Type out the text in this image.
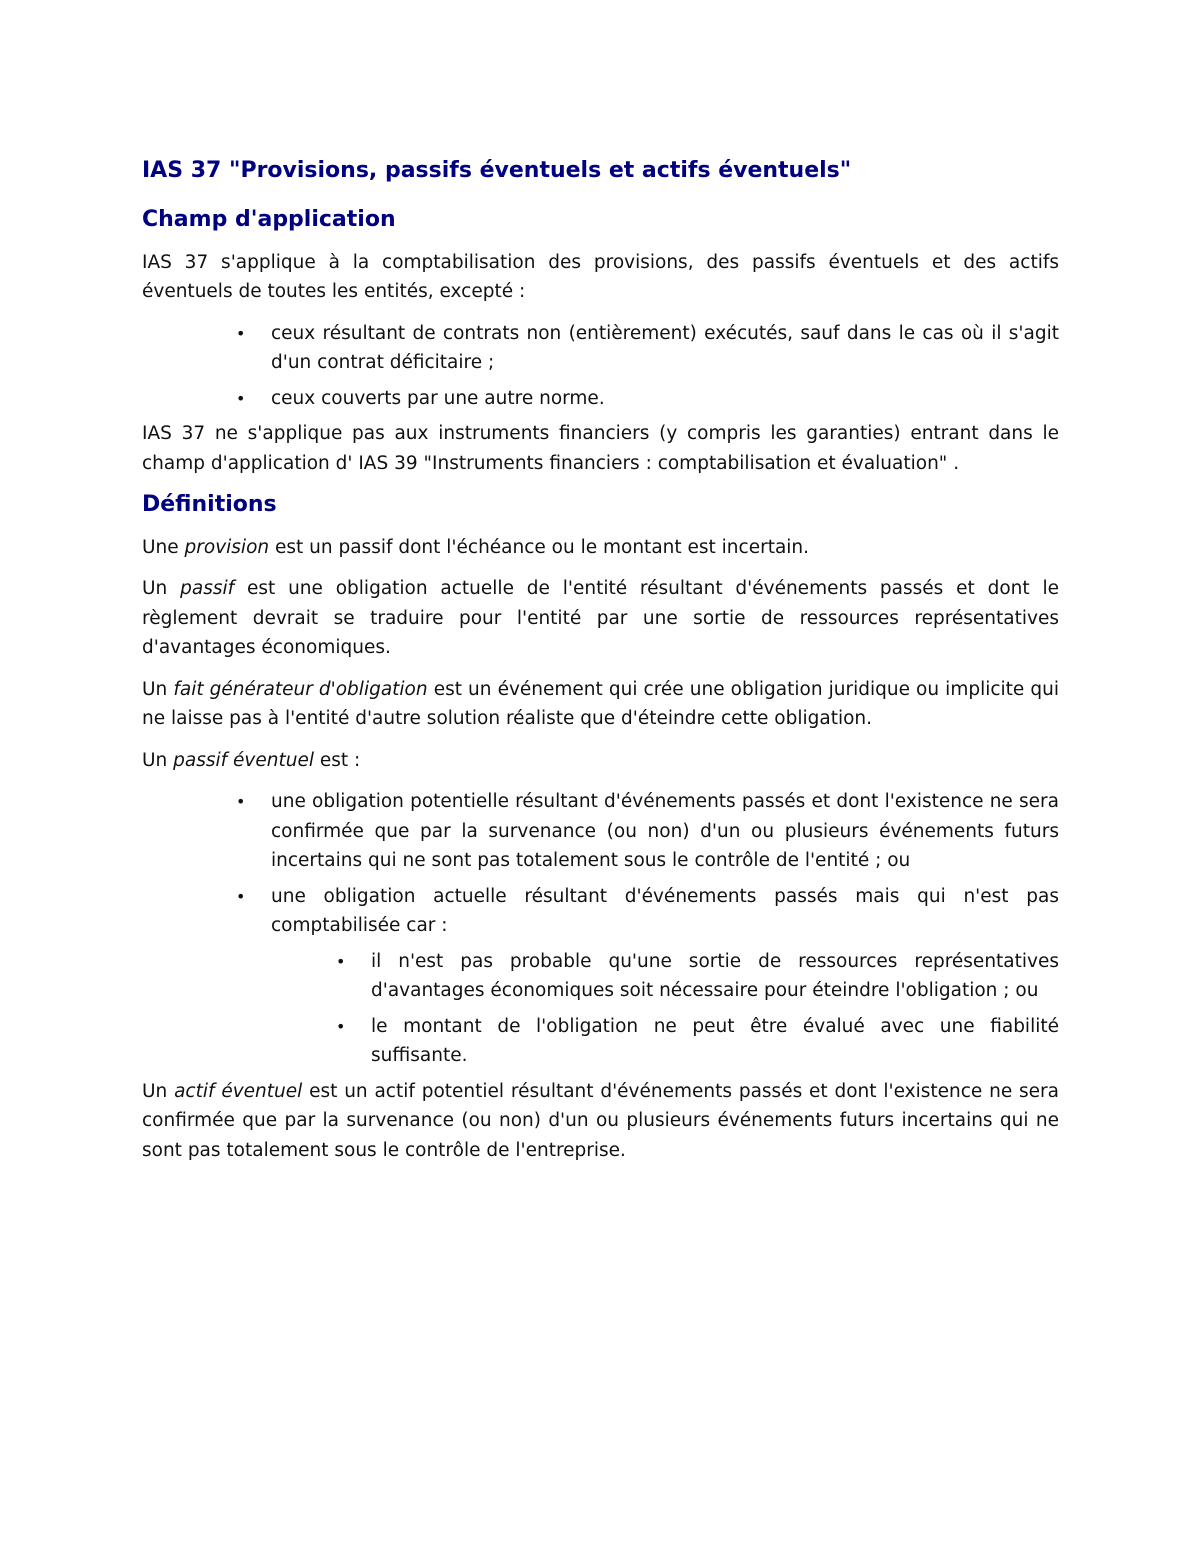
IAS 37 "Provisions, passifs éventuels et actifs éventuels"
Champ d'application

IAS 37 s'applique à la comptabilisation des provisions, des passifs éventuels et des actifs éventuels de toutes les entités, excepté :

• ceux résultant de contrats non (entièrement) exécutés, sauf dans le cas où il s'agit d'un contrat déficitaire ;
• ceux couverts par une autre norme.

IAS 37 ne s'applique pas aux instruments financiers (y compris les garanties) entrant dans le champ d'application d' IAS 39 "Instruments financiers : comptabilisation et évaluation" .

Définitions

Une provision est un passif dont l'échéance ou le montant est incertain.

Un passif est une obligation actuelle de l'entité résultant d'événements passés et dont le règlement devrait se traduire pour l'entité par une sortie de ressources représentatives d'avantages économiques.

Un fait générateur d'obligation est un événement qui crée une obligation juridique ou implicite qui ne laisse pas à l'entité d'autre solution réaliste que d'éteindre cette obligation.

Un passif éventuel est :

• une obligation potentielle résultant d'événements passés et dont l'existence ne sera confirmée que par la survenance (ou non) d'un ou plusieurs événements futurs incertains qui ne sont pas totalement sous le contrôle de l'entité ; ou
• une obligation actuelle résultant d'événements passés mais qui n'est pas comptabilisée car :
• il n'est pas probable qu'une sortie de ressources représentatives d'avantages économiques soit nécessaire pour éteindre l'obligation ; ou
• le montant de l'obligation ne peut être évalué avec une fiabilité suffisante.

Un actif éventuel est un actif potentiel résultant d'événements passés et dont l'existence ne sera confirmée que par la survenance (ou non) d'un ou plusieurs événements futurs incertains qui ne sont pas totalement sous le contrôle de l'entreprise.
